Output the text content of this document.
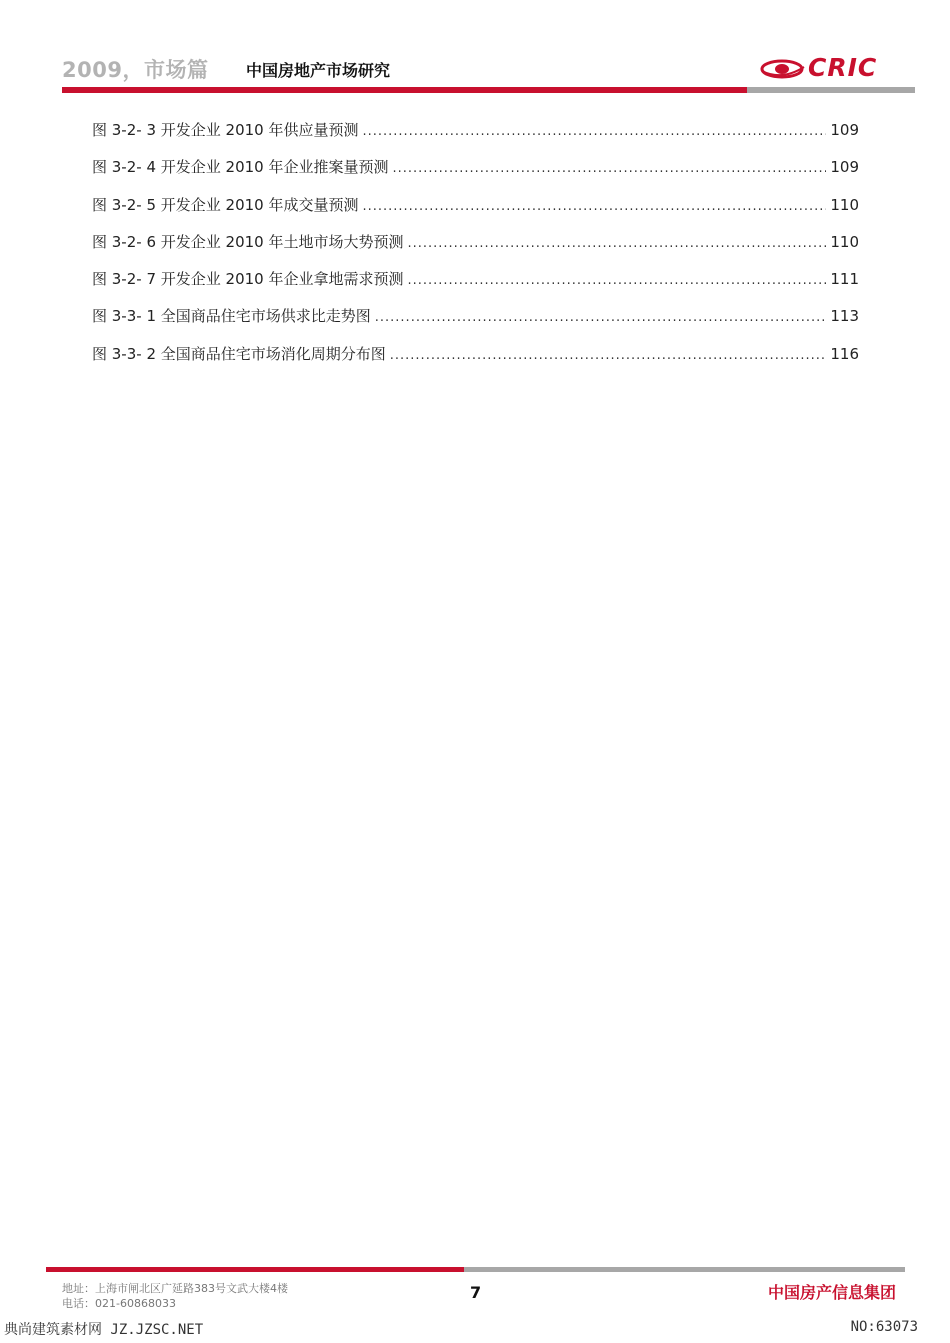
2009，市场篇 中国房地产市场研究	CRIC
图 3-2- 3 开发企业 2010 年供应量预测 .....	109
图 3-2- 4 开发企业 2010 年企业推案量预测 .....	109
图 3-2- 5 开发企业 2010 年成交量预测 .....	110
图 3-2- 6 开发企业 2010 年土地市场大势预测 .....	110
图 3-2- 7 开发企业 2010 年企业拿地需求预测 .....	111
图 3-3- 1 全国商品住宅市场供求比走势图 .....	113
图 3-3- 2 全国商品住宅市场消化周期分布图 .....	116
地址：上海市闸北区广延路383号文武大楼4楼
电话：021-60868033
7	中国房产信息集团
典尚建筑素材网 JZ.JZSC.NET	NO:63073
